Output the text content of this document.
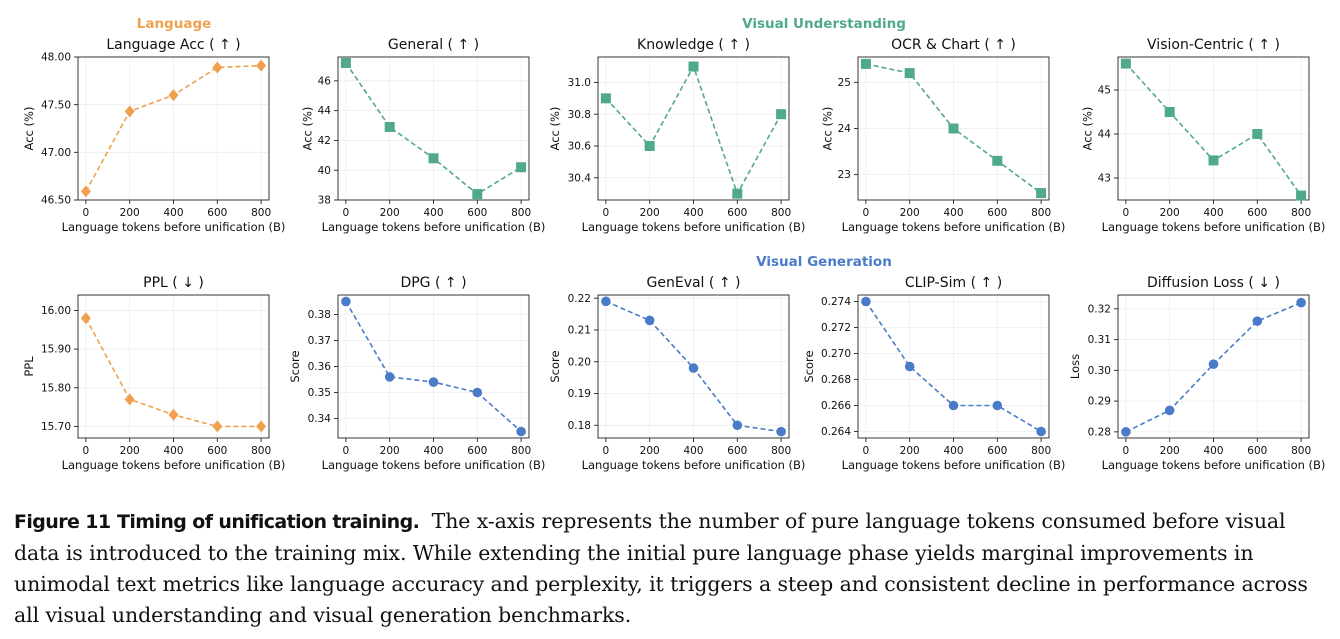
Language	Visual Understanding
Visual Generation
Language Acc ( ↑ )
0	200 400 600 800
46.50
47.00
47.50
48.00
Language tokens before unification (B)
Acc (%)
General ( ↑ )
0	200 400 600 800
38
40
42
44
46
Language tokens before unification (B)
Acc (%)
Knowledge ( ↑ )
0	200 400 600 800
30.4
30.6
30.8
31.0
Language tokens before unification (B)
Acc (%)
OCR & Chart ( ↑ )
0	200 400 600 800
23
24
25
Language tokens before unification (B)
Acc (%)
Vision-Centric ( ↑ )
0	200 400 600 800
43
44
45
Language tokens before unification (B)
Acc (%)
PPL ( ↓ )
0	200 400 600 800
15.70
15.80
15.90
16.00
Language tokens before unification (B)
PPL
DPG ( ↑ )
0	200 400 600 800
0.34
0.35
0.36
0.37
0.38
Language tokens before unification (B)
Score
GenEval ( ↑ )
0	200 400 600 800
0.18
0.19
0.20
0.21
0.22
Language tokens before unification (B)
Score
CLIP-Sim ( ↑ )
0	200 400 600 800
0.264
0.266
0.268
0.270
0.272
0.274
Language tokens before unification (B)
Score
Diffusion Loss ( ↓ )
0	200 400 600 800
0.28
0.29
0.30
0.31
0.32
Language tokens before unification (B)
Loss
Figure 11 Timing of unification training. The x-axis represents the number of pure language tokens consumed before visual data is introduced to the training mix. While extending the initial pure language phase yields marginal improvements in unimodal text metrics like language accuracy and perplexity, it triggers a steep and consistent decline in performance across all visual understanding and visual generation benchmarks.
